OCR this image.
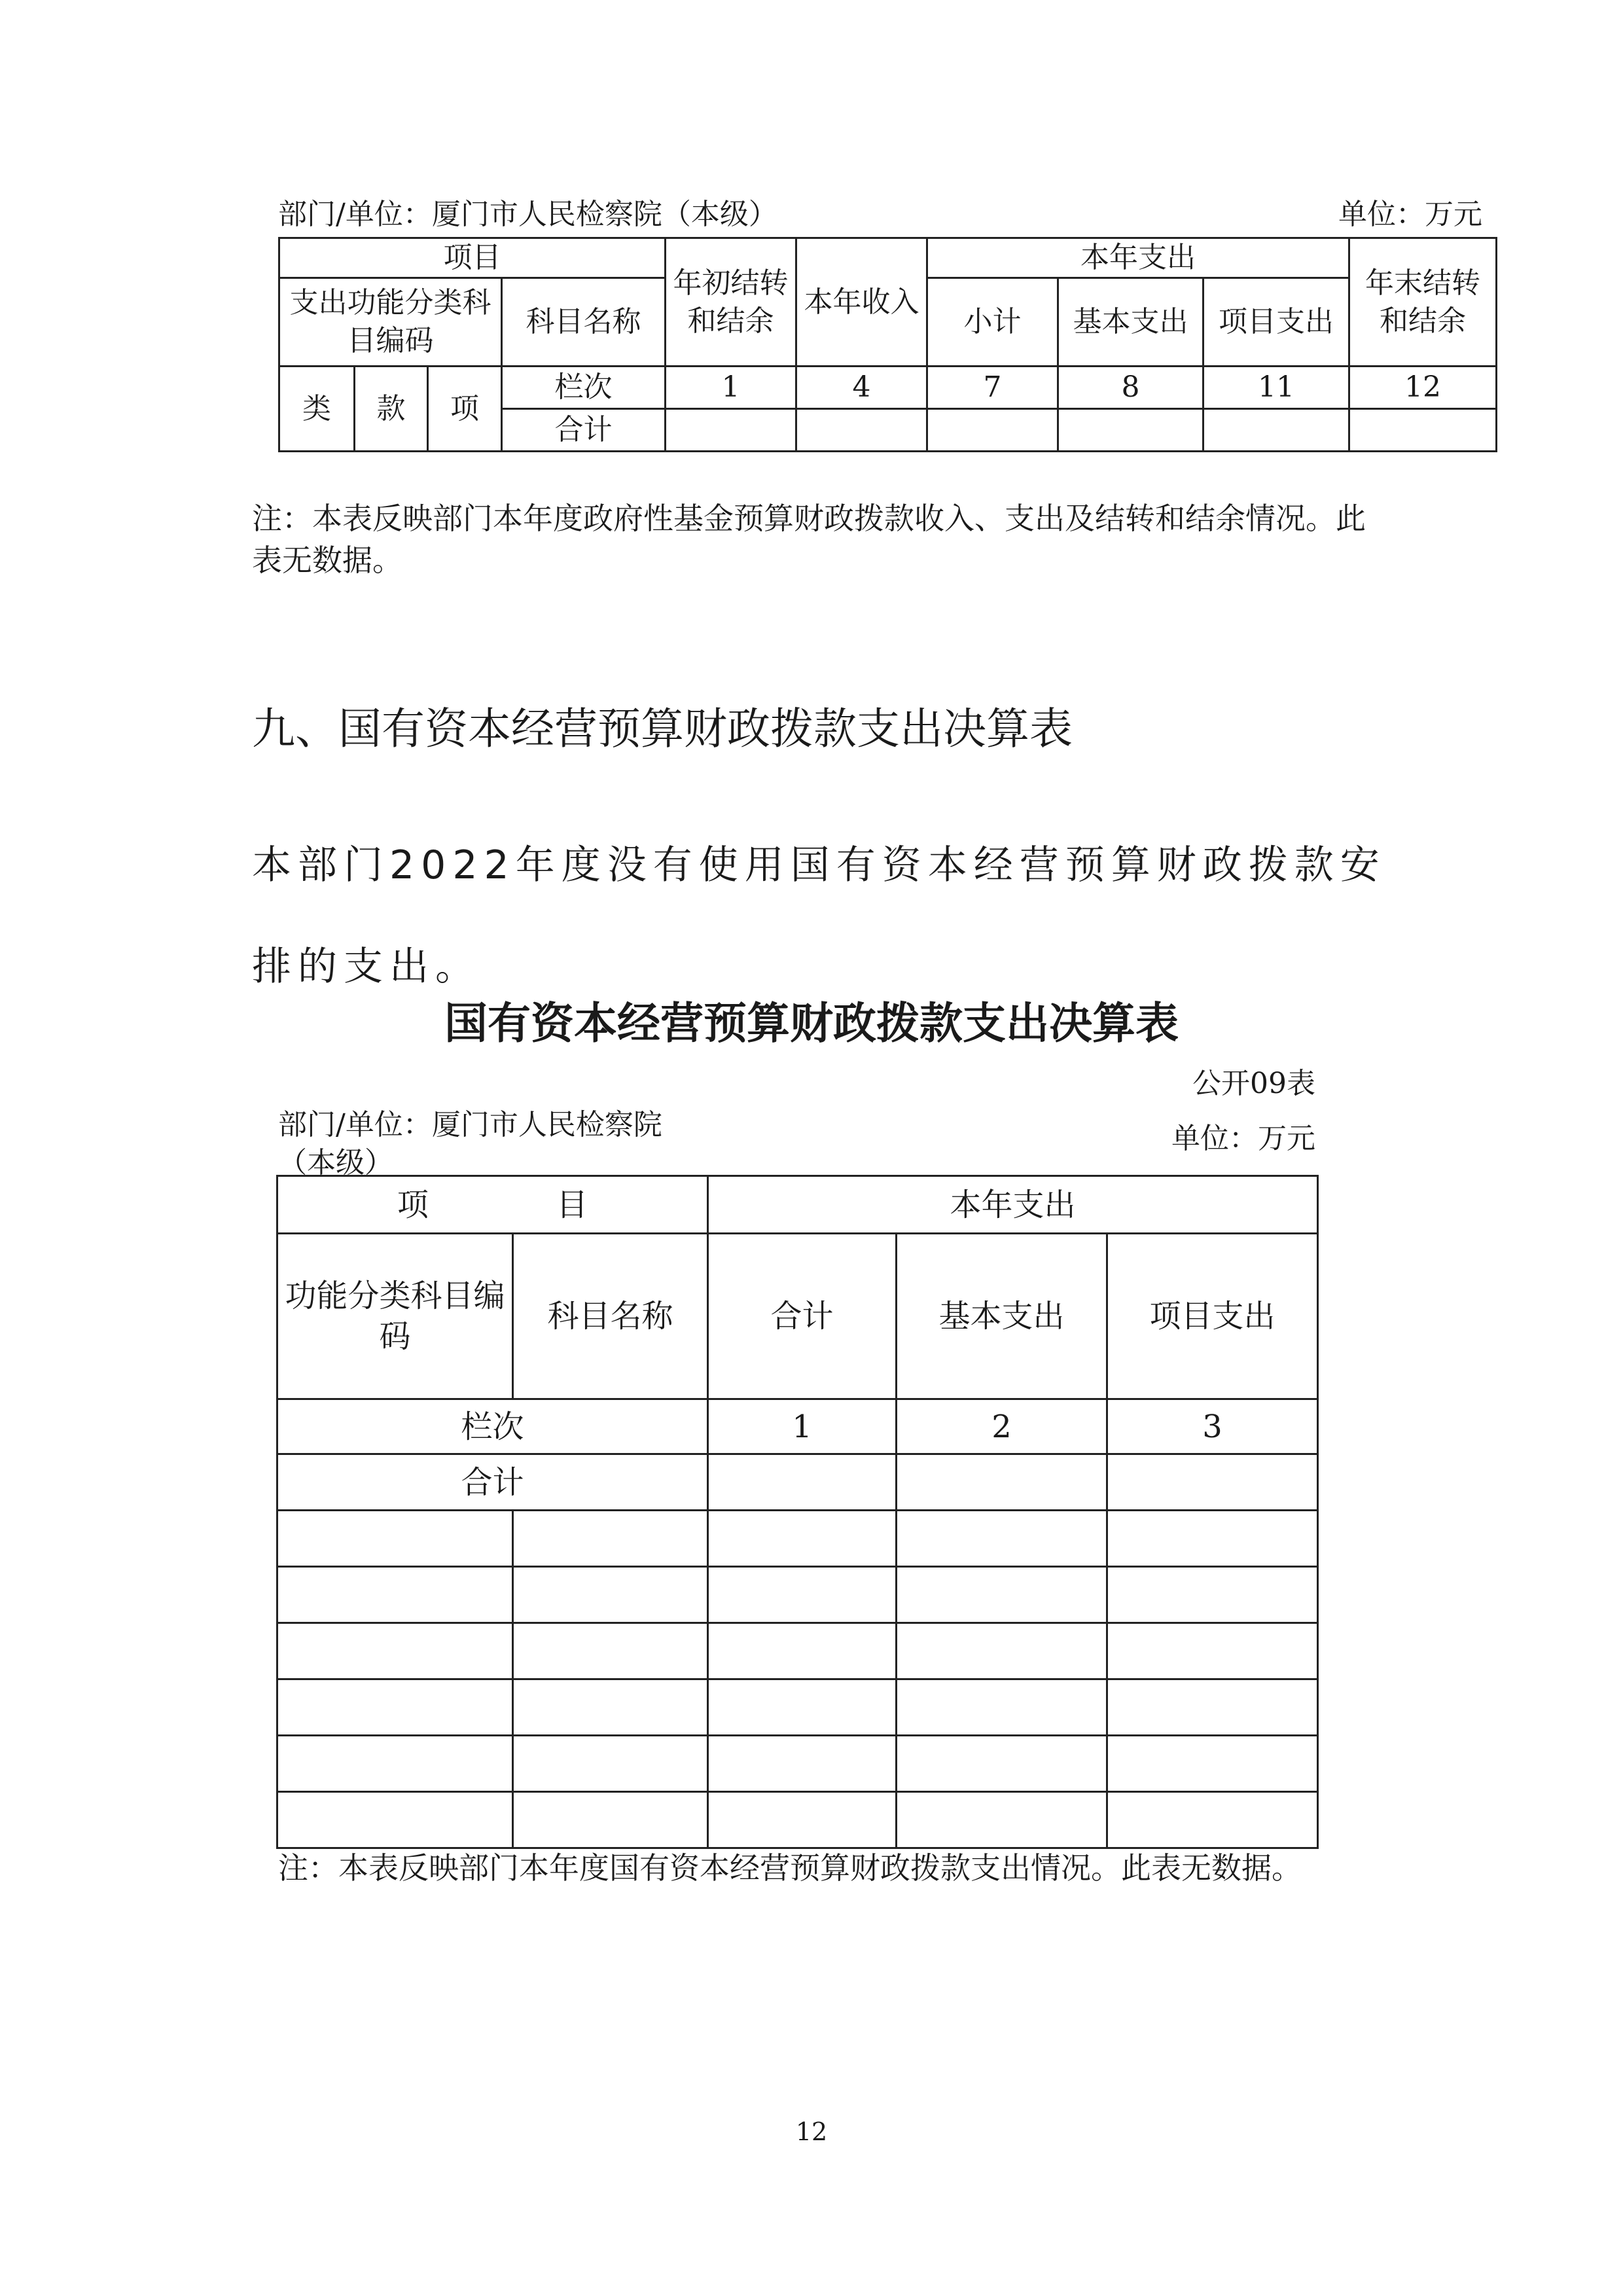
部门/单位：厦门市人民检察院（本级）	单位：万元
项目				年初结转和结余	本年收入	本年支出			年末结转和结余
支出功能分类科目编码			科目名称			小计	基本支出	项目支出	
类	款	项	栏次	1	4	7	8	11	12
			合计						
注：本表反映部门本年度政府性基金预算财政拨款收入、支出及结转和结余情况。此表无数据。
九、国有资本经营预算财政拨款支出决算表
本部门2022年度没有使用国有资本经营预算财政拨款安排的支出。
国有资本经营预算财政拨款支出决算表
公开09表
部门/单位：厦门市人民检察院（本级）
单位：万元
项 目		本年支出		
功能分类科目编码	科目名称	合计	基本支出	项目支出
栏次		1	2	3
合计				

注：本表反映部门本年度国有资本经营预算财政拨款支出情况。此表无数据。
12
